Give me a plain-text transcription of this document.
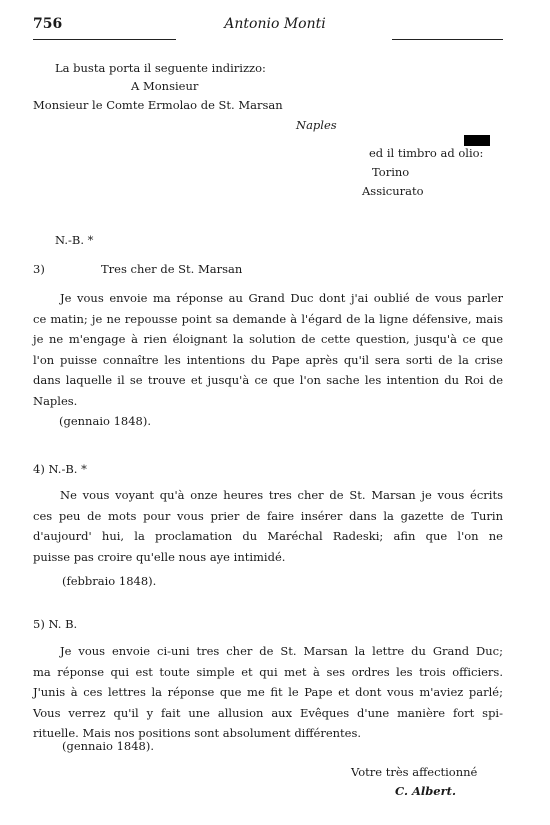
756	Antonio Monti
La busta porta il seguente indirizzo:
A Monsieur
Monsieur le Comte Ermolao de St. Marsan
Naples
ed il timbro ad olio:
Torino
Assicurato
N.-B. *
3)	Tres cher de St. Marsan
Je vous envoie ma réponse au Grand Duc dont j'ai oublié de vous parler
ce matin; je ne repousse point sa demande à l'égard de la ligne défensive, mais
je ne m'engage à rien éloignant la solution de cette question, jusqu'à ce que
l'on puisse connaître les intentions du Pape après qu'il sera sorti de la crise
dans laquelle il se trouve et jusqu'à ce que l'on sache les intention du Roi de
Naples.
(gennaio 1848).
4) N.-B. *
Ne vous voyant qu'à onze heures tres cher de St. Marsan je vous écrits
ces peu de mots pour vous prier de faire insérer dans la gazette de Turin
d'aujourd' hui, la proclamation du Maréchal Radeski; afin que l'on ne
puisse pas croire qu'elle nous aye intimidé.
(febbraio 1848).
5) N. B.
Je vous envoie ci-uni tres cher de St. Marsan la lettre du Grand Duc;
ma réponse qui est toute simple et qui met à ses ordres les trois officiers.
J'unis à ces lettres la réponse que me fit le Pape et dont vous m'aviez parlé;
Vous verrez qu'il y fait une allusion aux Evêques d'une manière fort spi-
rituelle. Mais nos positions sont absolument différentes.
(gennaio 1848).
Votre très affectionné
C. Albert.
